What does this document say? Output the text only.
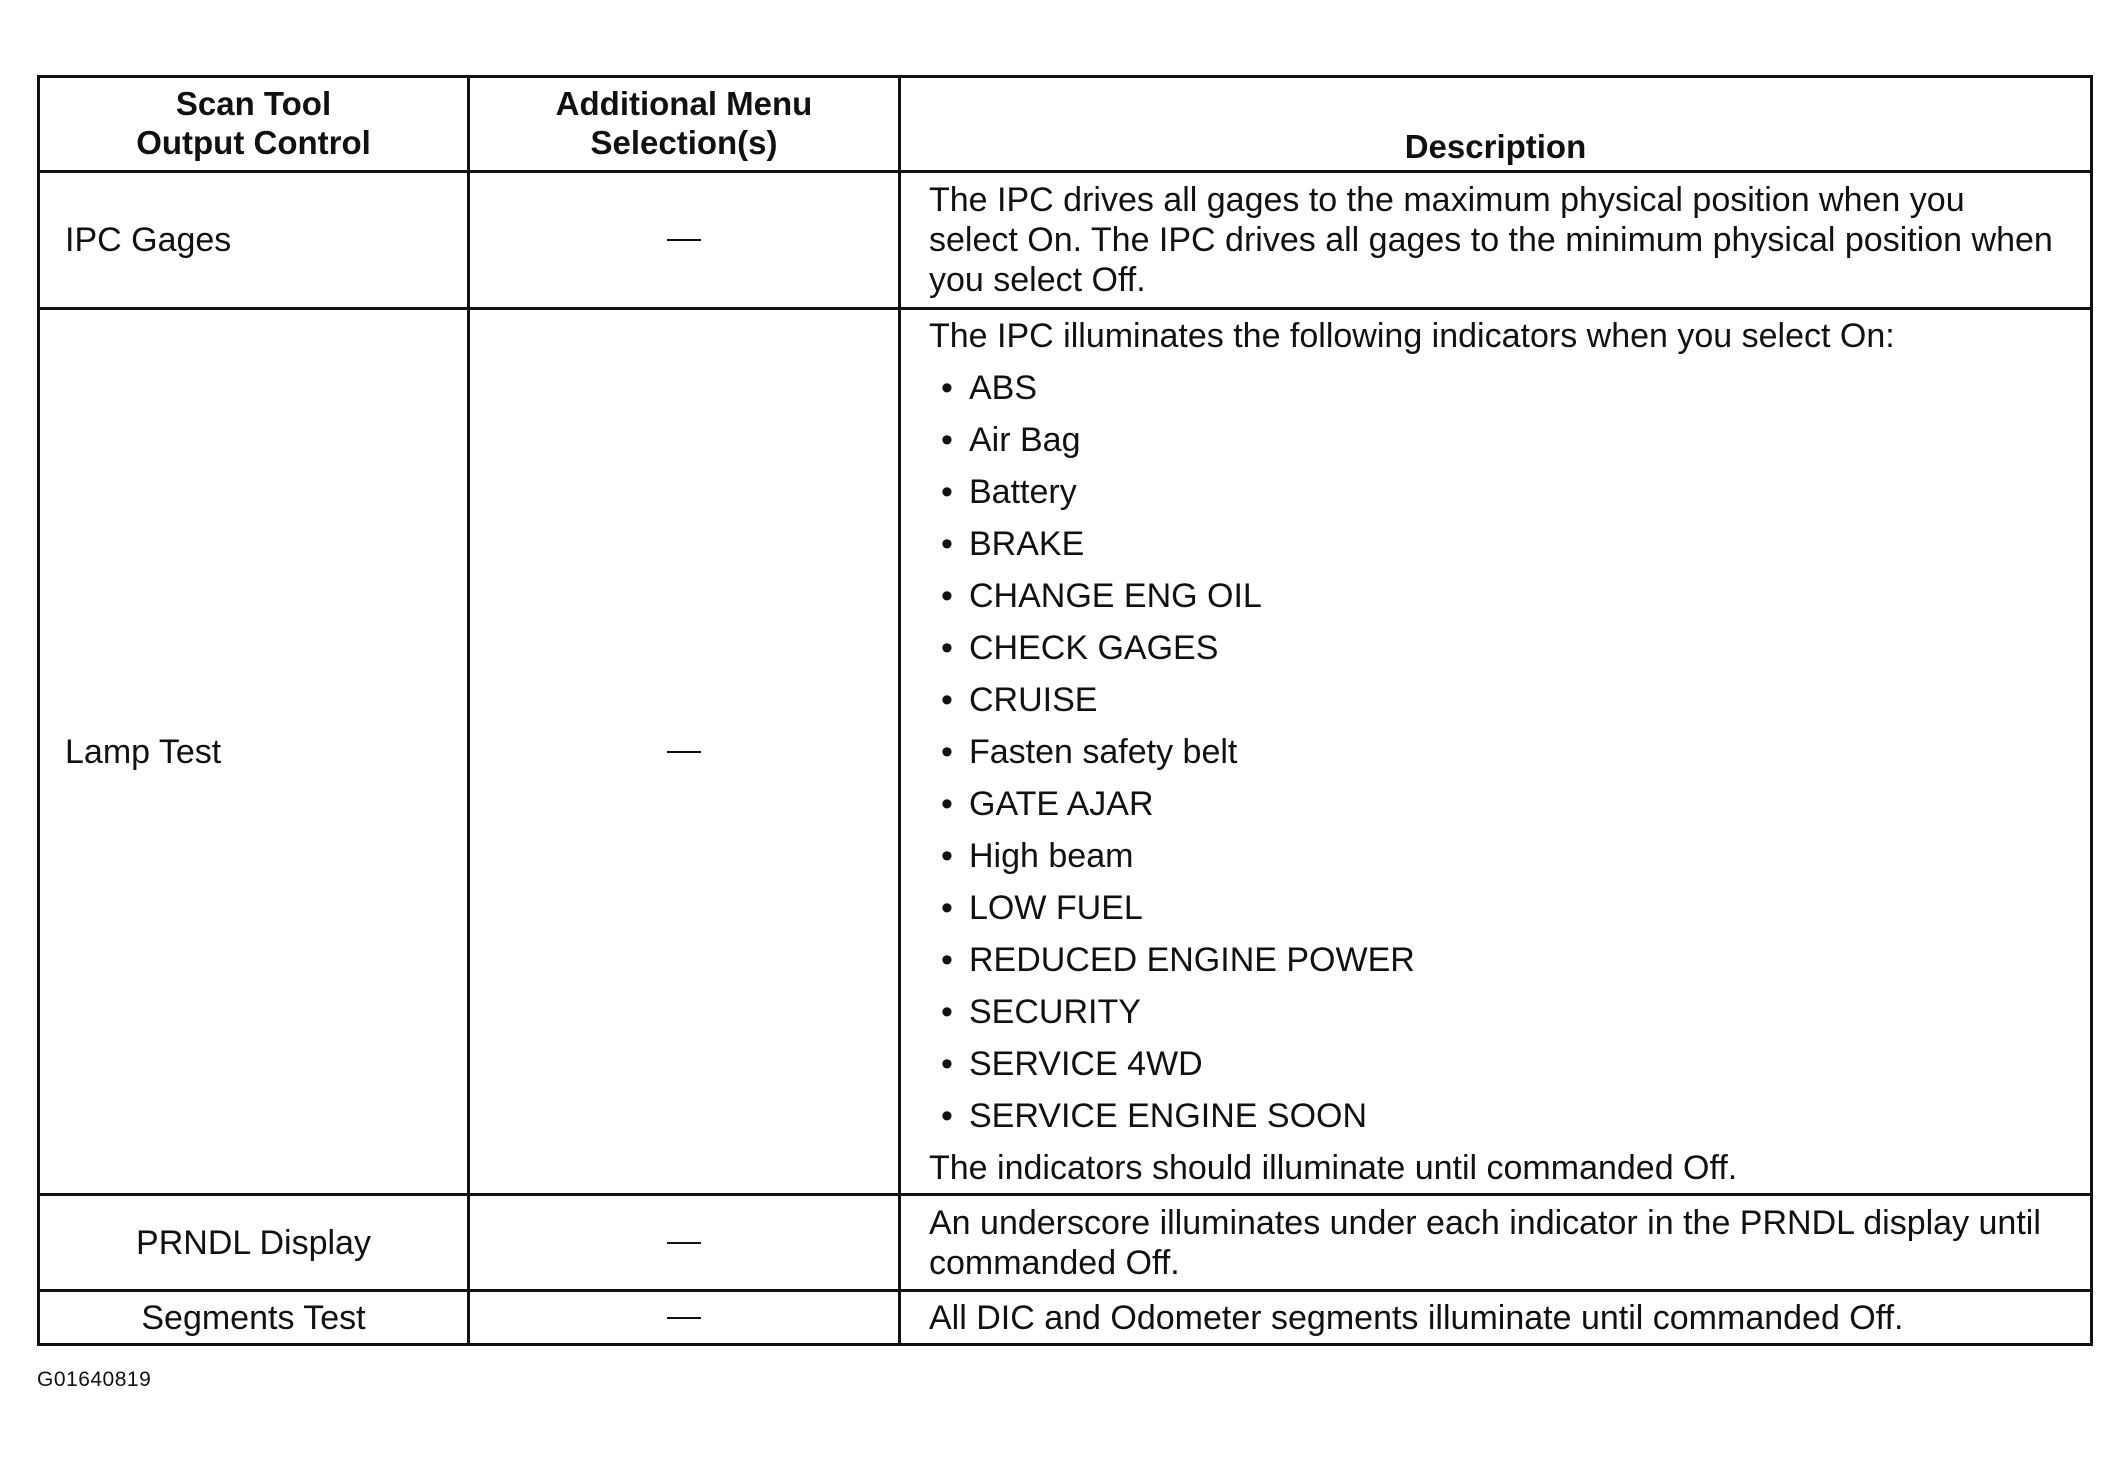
Scan Tool
Output Control
Additional Menu
Selection(s)	Description
IPC Gages
The IPC drives all gages to the maximum physical position when you select On. The IPC drives all gages to the minimum physical position when you select Off.
Lamp Test
The IPC illuminates the following indicators when you select On:
• ABS
• Air Bag
• Battery
• BRAKE
• CHANGE ENG OIL
• CHECK GAGES
• CRUISE
• Fasten safety belt
• GATE AJAR
• High beam
• LOW FUEL
• REDUCED ENGINE POWER
• SECURITY
• SERVICE 4WD
• SERVICE ENGINE SOON
The indicators should illuminate until commanded Off.
PRNDL Display
An underscore illuminates under each indicator in the PRNDL display until commanded Off.
Segments Test	All DIC and Odometer segments illuminate until commanded Off.
G01640819
